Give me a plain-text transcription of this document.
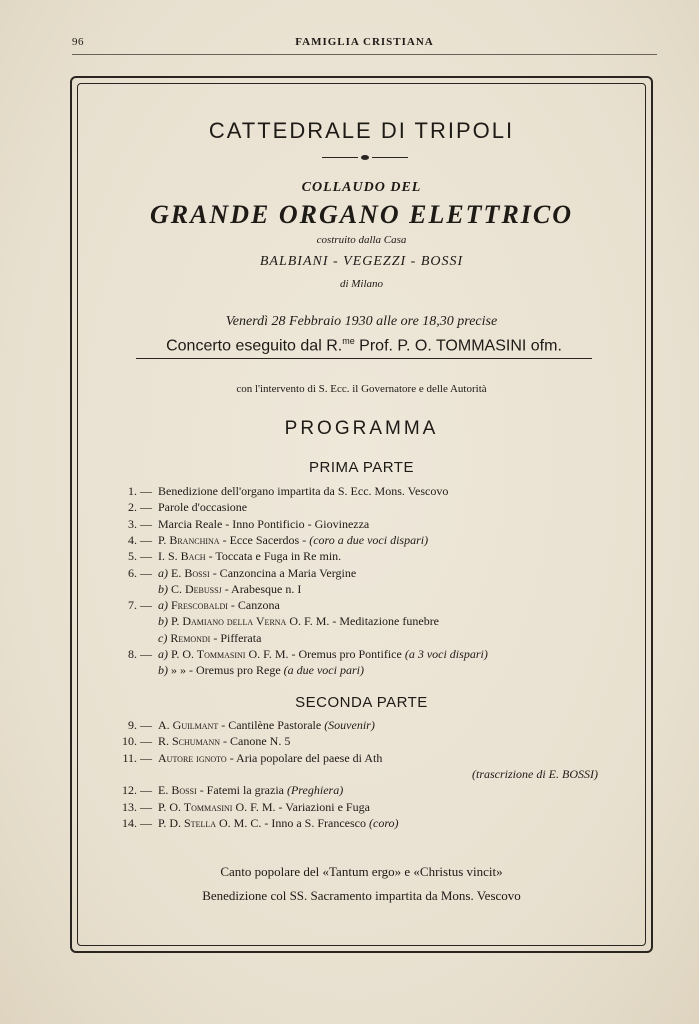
96	FAMIGLIA CRISTIANA
CATTEDRALE DI TRIPOLI
COLLAUDO DEL
GRANDE ORGANO ELETTRICO
costruito dalla Casa
BALBIANI - VEGEZZI - BOSSI
di Milano
Venerdì 28 Febbraio 1930 alle ore 18,30 precise
Concerto eseguito dal R.$^{me}$ Prof. P. O. TOMMASINI ofm.
con l'intervento di S. Ecc. il Governatore e delle Autorità
PROGRAMMA
PRIMA PARTE
1. — Benedizione dell'organo impartita da S. Ecc. Mons. Vescovo
2. — Parole d'occasione
3. — Marcia Reale - Inno Pontificio - Giovinezza
4. — P. Branchina - Ecce Sacerdos - (coro a due voci dispari)
5. — I. S. Bach - Toccata e Fuga in Re min.
6. — a) E. Bossi - Canzoncina a Maria Vergine
b) C. Debussj - Arabesque n. I
7. — a) Frescobaldi - Canzona
b) P. Damiano della Verna O. F. M. - Meditazione funebre
c) Remondi - Pifferata
8. — a) P. O. Tommasini O. F. M. - Oremus pro Pontifice (a 3 voci dispari)
b) » » - Oremus pro Rege (a due voci pari)
SECONDA PARTE
9. — A. Guilmant - Cantilène Pastorale (Souvenir)
10. — R. Schumann - Canone N. 5
11. — Autore ignoto - Aria popolare del paese di Ath
(trascrizione di E. BOSSI)
12. — E. Bossi - Fatemi la grazia (Preghiera)
13. — P. O. Tommasini O. F. M. - Variazioni e Fuga
14. — P. D. Stella O. M. C. - Inno a S. Francesco (coro)
Canto popolare del «Tantum ergo» e «Christus vincit»
Benedizione col SS. Sacramento impartita da Mons. Vescovo
